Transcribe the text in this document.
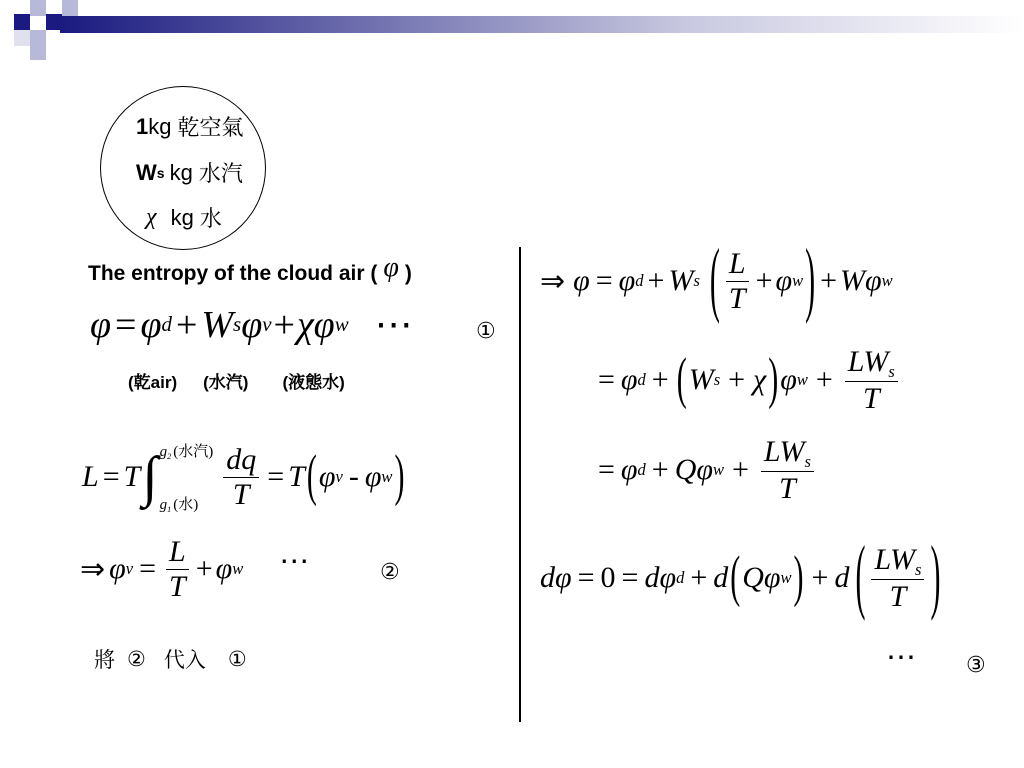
1 kg 乾空氣
W s kg 水汽
χ kg 水
The entropy of the cloud air ( φ )
φ = φ d + W s φ v + χ φ w ⋯	①
(乾air) (水汽) (液態水)
L = T ∫ $g_2$ (水汽)
$g_1$ (水) $\frac{dq}{T} = T$ ( φ v - φ w )
⇒ φ $v = \frac{L}{T} + \varphi$ w ⋯	②
將 ② 代入 ①
⇒ φ = φ d + W s ( $\frac{L}{T} + \varphi$ w ) + W φ w
= φ d + ( W s + χ ) φ $w + \frac{LW_s}{T}$
= φ d + Q φ $w + \frac{LW_s}{T}$
d φ = 0 = d φ d + d ( Q φ w ) + d ( $\frac{LW_s}{T}$ )
⋯ ③
